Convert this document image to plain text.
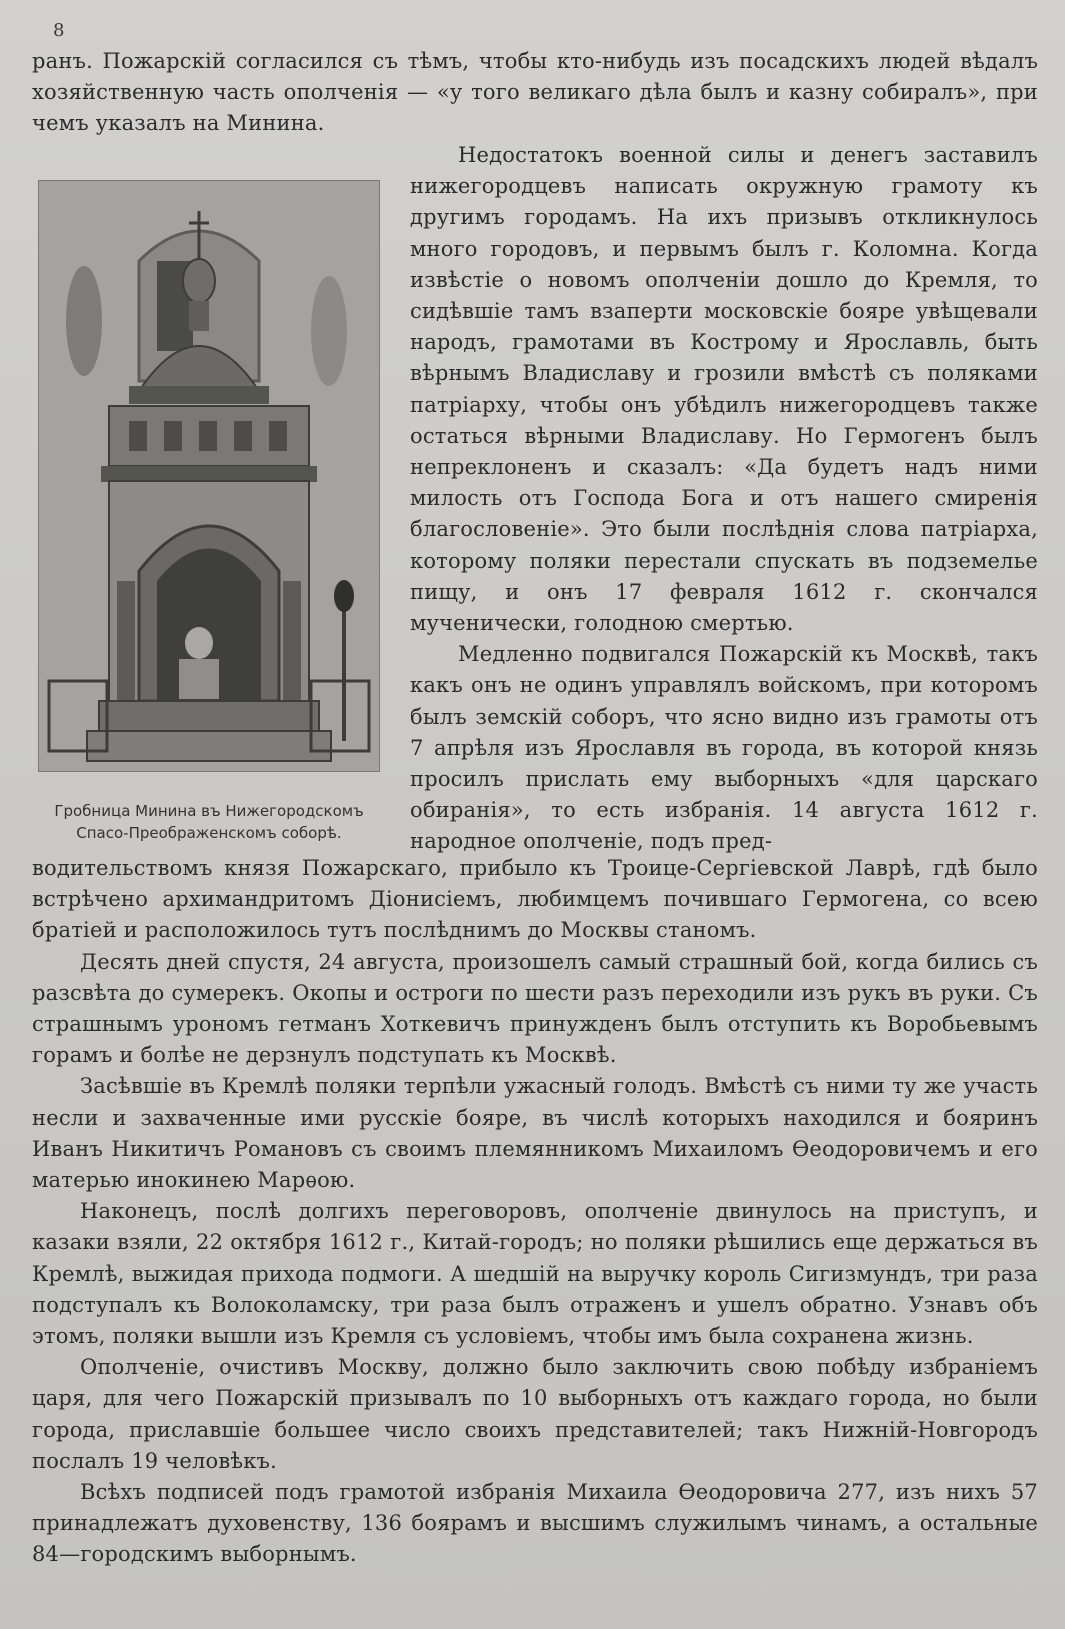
8

ранъ. Пожарскiй согласился съ тѣмъ, чтобы кто-нибудь изъ посадскихъ людей вѣдалъ хозяйственную часть ополченiя — «у того великаго дѣла былъ и казну собиралъ», при чемъ указалъ на Минина.

Гробница Минина въ Нижегородскомъ
Спасо-Преображенскомъ соборѣ.

Недостатокъ военной силы и денегъ заставилъ нижегородцевъ написать окружную грамоту къ другимъ городамъ. На ихъ призывъ откликнулось много городовъ, и первымъ былъ г. Коломна. Когда извѣстiе о новомъ ополченiи дошло до Кремля, то сидѣвшiе тамъ взаперти московскiе бояре увѣщевали народъ, грамотами въ Кострому и Ярославль, быть вѣрнымъ Владиславу и грозили вмѣстѣ съ поляками патрiарху, чтобы онъ убѣдилъ нижегородцевъ также остаться вѣрными Владиславу. Но Гермогенъ былъ непреклоненъ и сказалъ: «Да будетъ надъ ними милость отъ Господа Бога и отъ нашего смиренiя благословенiе». Это были послѣднiя слова патрiарха, которому поляки перестали спускать въ подземелье пищу, и онъ 17 февраля 1612 г. скончался мученически, голодною смертью.

Медленно подвигался Пожарскiй къ Москвѣ, такъ какъ онъ не одинъ управлялъ войскомъ, при которомъ былъ земскiй соборъ, что ясно видно изъ грамоты отъ 7 апрѣля изъ Ярославля въ города, въ которой князь просилъ прислать ему выборныхъ «для царскаго обиранiя», то есть избранiя. 14 августа 1612 г. народное ополченiе, подъ пред-

водительствомъ князя Пожарскаго, прибыло къ Троице-Сергiевской Лаврѣ, гдѣ было встрѣчено архимандритомъ Дiонисiемъ, любимцемъ почившаго Гермогена, со всею братiей и расположилось тутъ послѣднимъ до Москвы станомъ.

Десять дней спустя, 24 августа, произошелъ самый страшный бой, когда бились съ разсвѣта до сумерекъ. Окопы и остроги по шести разъ переходили изъ рукъ въ руки. Съ страшнымъ урономъ гетманъ Хоткевичъ принужденъ былъ отступить къ Воробьевымъ горамъ и болѣе не дерзнулъ подступать къ Москвѣ.

Засѣвшiе въ Кремлѣ поляки терпѣли ужасный голодъ. Вмѣстѣ съ ними ту же участь несли и захваченные ими русскiе бояре, въ числѣ которыхъ находился и бояринъ Иванъ Никитичъ Романовъ съ своимъ племянникомъ Михаиломъ Ѳеодоровичемъ и его матерью инокинею Марѳою.

Наконецъ, послѣ долгихъ переговоровъ, ополченiе двинулось на приступъ, и казаки взяли, 22 октября 1612 г., Китай-городъ; но поляки рѣшились еще держаться въ Кремлѣ, выжидая прихода подмоги. А шедшiй на выручку король Сигизмундъ, три раза подступалъ къ Волоколамску, три раза былъ отраженъ и ушелъ обратно. Узнавъ объ этомъ, поляки вышли изъ Кремля съ условiемъ, чтобы имъ была сохранена жизнь.

Ополченiе, очистивъ Москву, должно было заключить свою побѣду избранiемъ царя, для чего Пожарскiй призывалъ по 10 выборныхъ отъ каждаго города, но были города, приславшiе большее число своихъ представителей; такъ Нижнiй-Новгородъ послалъ 19 человѣкъ.

Всѣхъ подписей подъ грамотой избранiя Михаила Ѳеодоровича 277, изъ нихъ 57 принадлежатъ духовенству, 136 боярамъ и высшимъ служилымъ чинамъ, а остальные 84—городскимъ выборнымъ.
